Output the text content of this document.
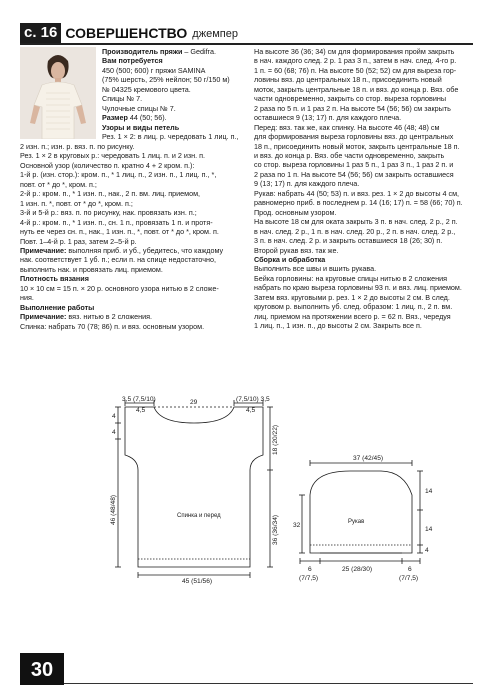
с. 16 СОВЕРШЕНСТВО джемпер

Производитель пряжи – Gedifra.

Вам потребуется

450 (500; 600) г пряжи SAMINA

(75% шерсть, 25% нейлон; 50 г/150 м)

№ 04325 кремового цвета.

Спицы № 7.

Чулочные спицы № 7.

Размер 44 (50; 56).

Узоры и виды петель

Рез. 1 × 2: в лиц. р. чередовать 1 лиц. п.,

2 изн. п.; изн. р. вяз. п. по рисунку.

Рез. 1 × 2 в круговых р.: чередовать 1 лиц. п. и 2 изн. п.

Основной узор (количество п. кратно 4 + 2 кром. п.):

1-й р. (изн. стор.): кром. п., * 1 лиц. п., 2 изн. п., 1 лиц. п., *,

повт. от * до *, кром. п.;

2-й р.: кром. п., * 1 изн. п., нак., 2 п. вм. лиц. приемом,

1 изн. п. *, повт. от * до *, кром. п.;

3-й и 5-й р.: вяз. п. по рисунку, нак. провязать изн. п.;

4-й р.: кром. п., * 1 изн. п., сн. 1 п., провязать 1 п. и протя-

нуть ее через сн. п., нак., 1 изн. п., *, повт. от * до *, кром. п.

Повт. 1–4-й р. 1 раз, затем 2–5-й р.

Примечание: выполняя приб. и уб., убедитесь, что каждому

нак. соответствует 1 уб. п.; если п. на спице недостаточно,

выполнить нак. и провязать лиц. приемом.

Плотность вязания

10 × 10 см = 15 п. × 20 р. основного узора нитью в 2 сложе-

ния.

Выполнение работы

Примечание: вяз. нитью в 2 сложения.

Спинка: набрать 70 (78; 86) п. и вяз. основным узором.

На высоте 36 (36; 34) см для формирования пройм закрыть

в нач. каждого след. 2 р. 1 раз 3 п., затем в нач. след. 4-го р.

1 п. = 60 (68; 76) п. На высоте 50 (52; 52) см для выреза гор-

ловины вяз. до центральных 18 п., присоединить новый

моток, закрыть центральные 18 п. и вяз. до конца р. Вяз. обе

части одновременно, закрыть со стор. выреза горловины

2 раза по 5 п. и 1 раз 2 п. На высоте 54 (56; 56) см закрыть

оставшиеся 9 (13; 17) п. для каждого плеча.

Перед: вяз. так же, как спинку. На высоте 46 (48; 48) см

для формирования выреза горловины вяз. до центральных

18 п., присоединить новый моток, закрыть центральные 18 п.

и вяз. до конца р. Вяз. обе части одновременно, закрыть

со стор. выреза горловины 1 раз 5 п., 1 раз 3 п., 1 раз 2 п. и

2 раза по 1 п. На высоте 54 (56; 56) см закрыть оставшиеся

9 (13; 17) п. для каждого плеча.

Рукав: набрать 44 (50; 53) п. и вяз. рез. 1 × 2 до высоты 4 см,

равномерно приб. в последнем р. 14 (16; 17) п. = 58 (66; 70) п.

Прод. основным узором.

На высоте 18 см для оката закрыть 3 п. в нач. след. 2 р., 2 п.

в нач. след. 2 р., 1 п. в нач. след. 20 р., 2 п. в нач. след. 2 р.,

3 п. в нач. след. 2 р. и закрыть оставшиеся 18 (26; 30) п.

Второй рукав вяз. так же.

Сборка и обработка

Выполнить все швы и вшить рукава.

Бейка горловины: на круговые спицы нитью в 2 сложения

набрать по краю выреза горловины 93 п. и вяз. лиц. приемом.

Затем вяз. круговыми р. рез. 1 × 2 до высоты 2 см. В след.

круговом р. выполнить уб. след. образом: 1 лиц. п., 2 п. вм.

лиц. приемом на протяжении всего р. = 62 п. Вяз., чередуя

1 лиц. п., 1 изн. п., до высоты 2 см. Закрыть все п.

3,5 (7,5/10)
4,5
29	(7,5/10) 3,5
4,5
4
4
46 (48/48)
18 (20/22)
36 (36/34)
Спинка и перед
45 (51/56)
37 (42/45)
32
14
14
4
Рукав
6
(7/7,5)
25 (28/30)	6
(7/7,5)
30
